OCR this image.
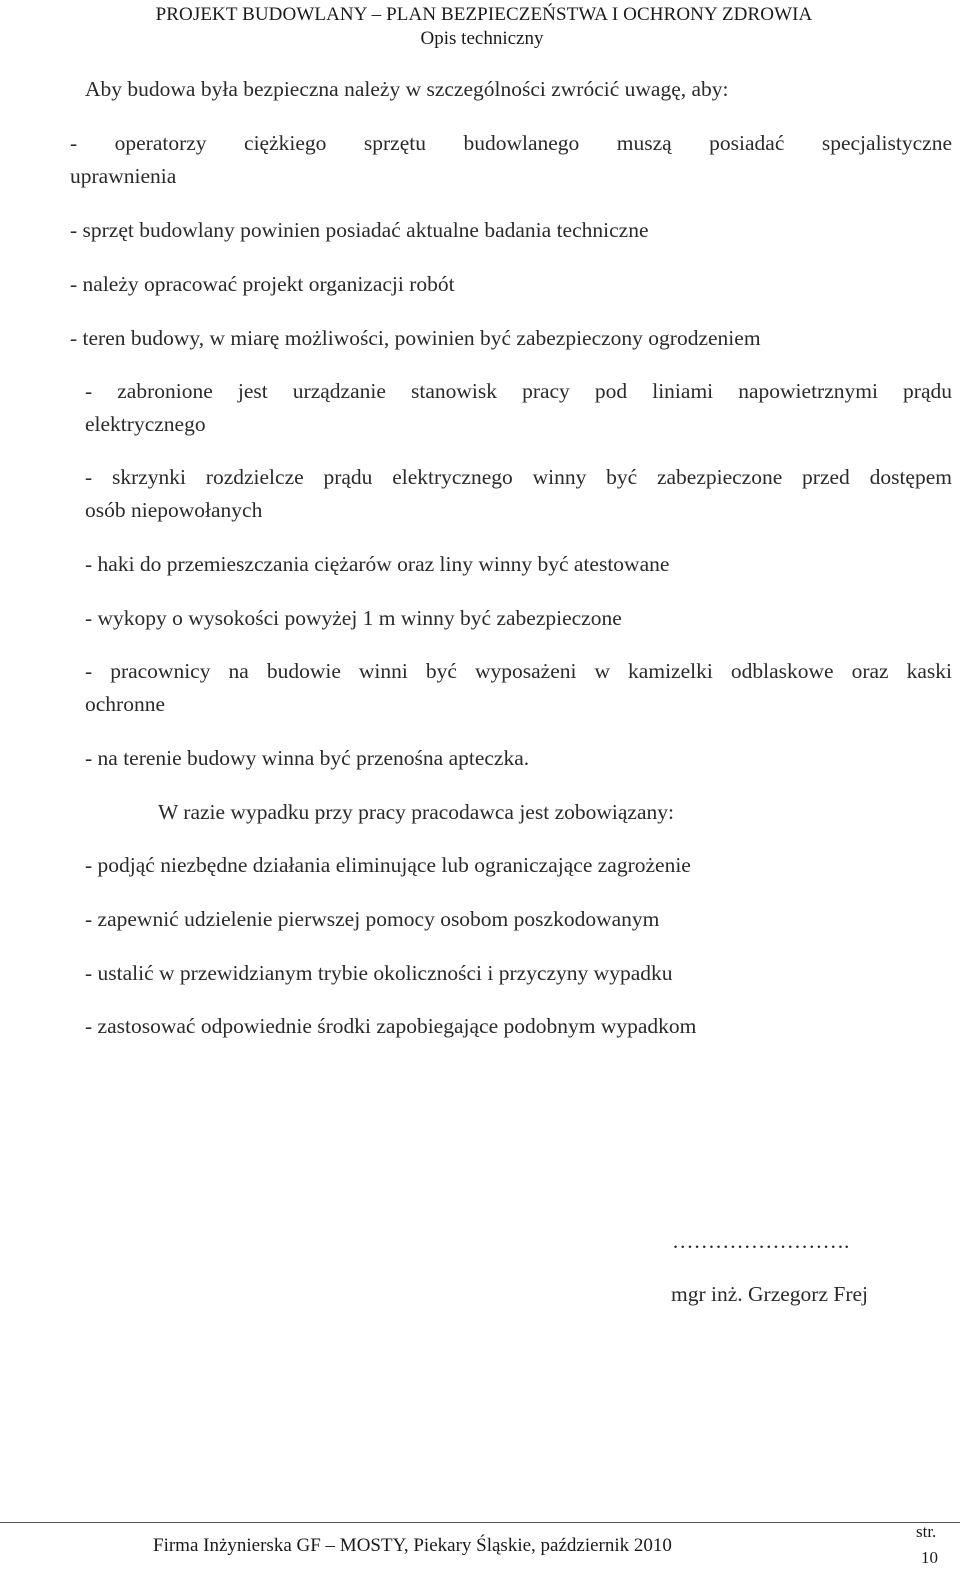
PROJEKT BUDOWLANY – PLAN BEZPIECZEŃSTWA I OCHRONY ZDROWIA
Opis techniczny
Aby budowa była bezpieczna należy w szczególności zwrócić uwagę, aby:
- operatorzy ciężkiego sprzętu budowlanego muszą posiadać specjalistyczne
uprawnienia
- sprzęt budowlany powinien posiadać aktualne badania techniczne
- należy opracować projekt organizacji robót
- teren budowy, w miarę możliwości, powinien być zabezpieczony ogrodzeniem
- zabronione jest urządzanie stanowisk pracy pod liniami napowietrznymi prądu
elektrycznego
- skrzynki rozdzielcze prądu elektrycznego winny być zabezpieczone przed dostępem
osób niepowołanych
- haki do przemieszczania ciężarów oraz liny winny być atestowane
- wykopy o wysokości powyżej 1 m winny być zabezpieczone
- pracownicy na budowie winni być wyposażeni w kamizelki odblaskowe oraz kaski
ochronne
- na terenie budowy winna być przenośna apteczka.
W razie wypadku przy pracy pracodawca jest zobowiązany:
- podjąć niezbędne działania eliminujące lub ograniczające zagrożenie
- zapewnić udzielenie pierwszej pomocy osobom poszkodowanym
- ustalić w przewidzianym trybie okoliczności i przyczyny wypadku
- zastosować odpowiednie środki zapobiegające podobnym wypadkom
…………………….
mgr inż. Grzegorz Frej
Firma Inżynierska GF – MOSTY, Piekary Śląskie, październik 2010
str.
10
